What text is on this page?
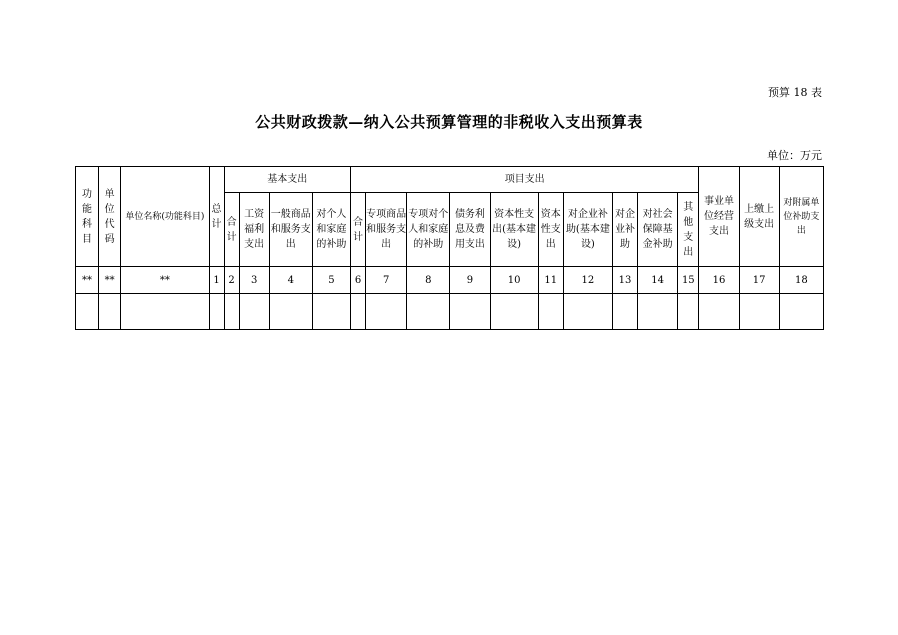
预算 18 表
公共财政拨款—纳入公共预算管理的非税收入支出预算表
单位：万元
功能科目	单位代码	单位名称(功能科目)	总计	基本支出				项目支出										事业单位经营支出	上缴上级支出	对附属单位补助支出

				合计	工资福利支出	一般商品和服务支出	对个人和家庭的补助	合计	专项商品和服务支出	专项对个人和家庭的补助	债务利息及费用支出	资本性支出(基本建设)	资本性支出	对企业补助(基本建设)	对企业补助	对社会保障基金补助	其他支出			

**	**	**	1	2	3	4	5	6	7	8	9	10	11	12	13	14	15	16	17	18
